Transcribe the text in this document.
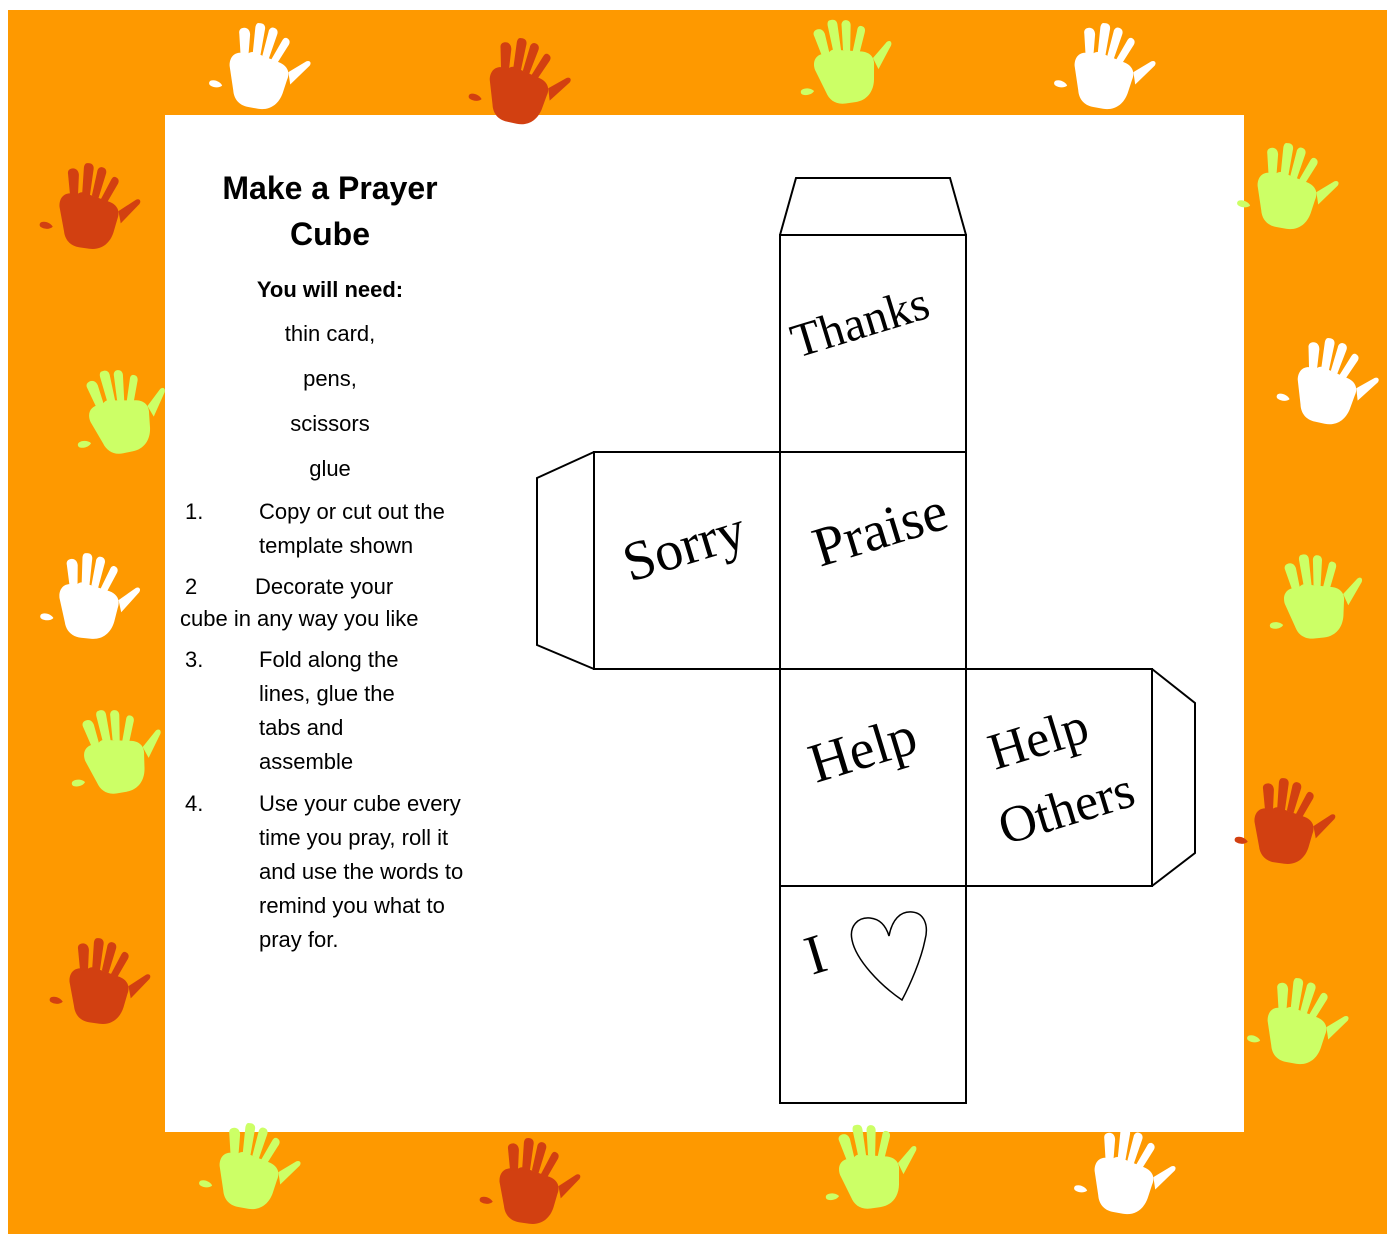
Make a Prayer Cube
You will need:
thin card,
pens,
scissors
glue
1.	Copy or cut out the template shown
2	Decorate your
cube in any way you like
3.	Fold along the lines, glue the tabs and assemble
4.	Use your cube every time you pray, roll it and use the words to remind you what to pray for.
Thanks
Sorry Praise
Help Help
Others
I
